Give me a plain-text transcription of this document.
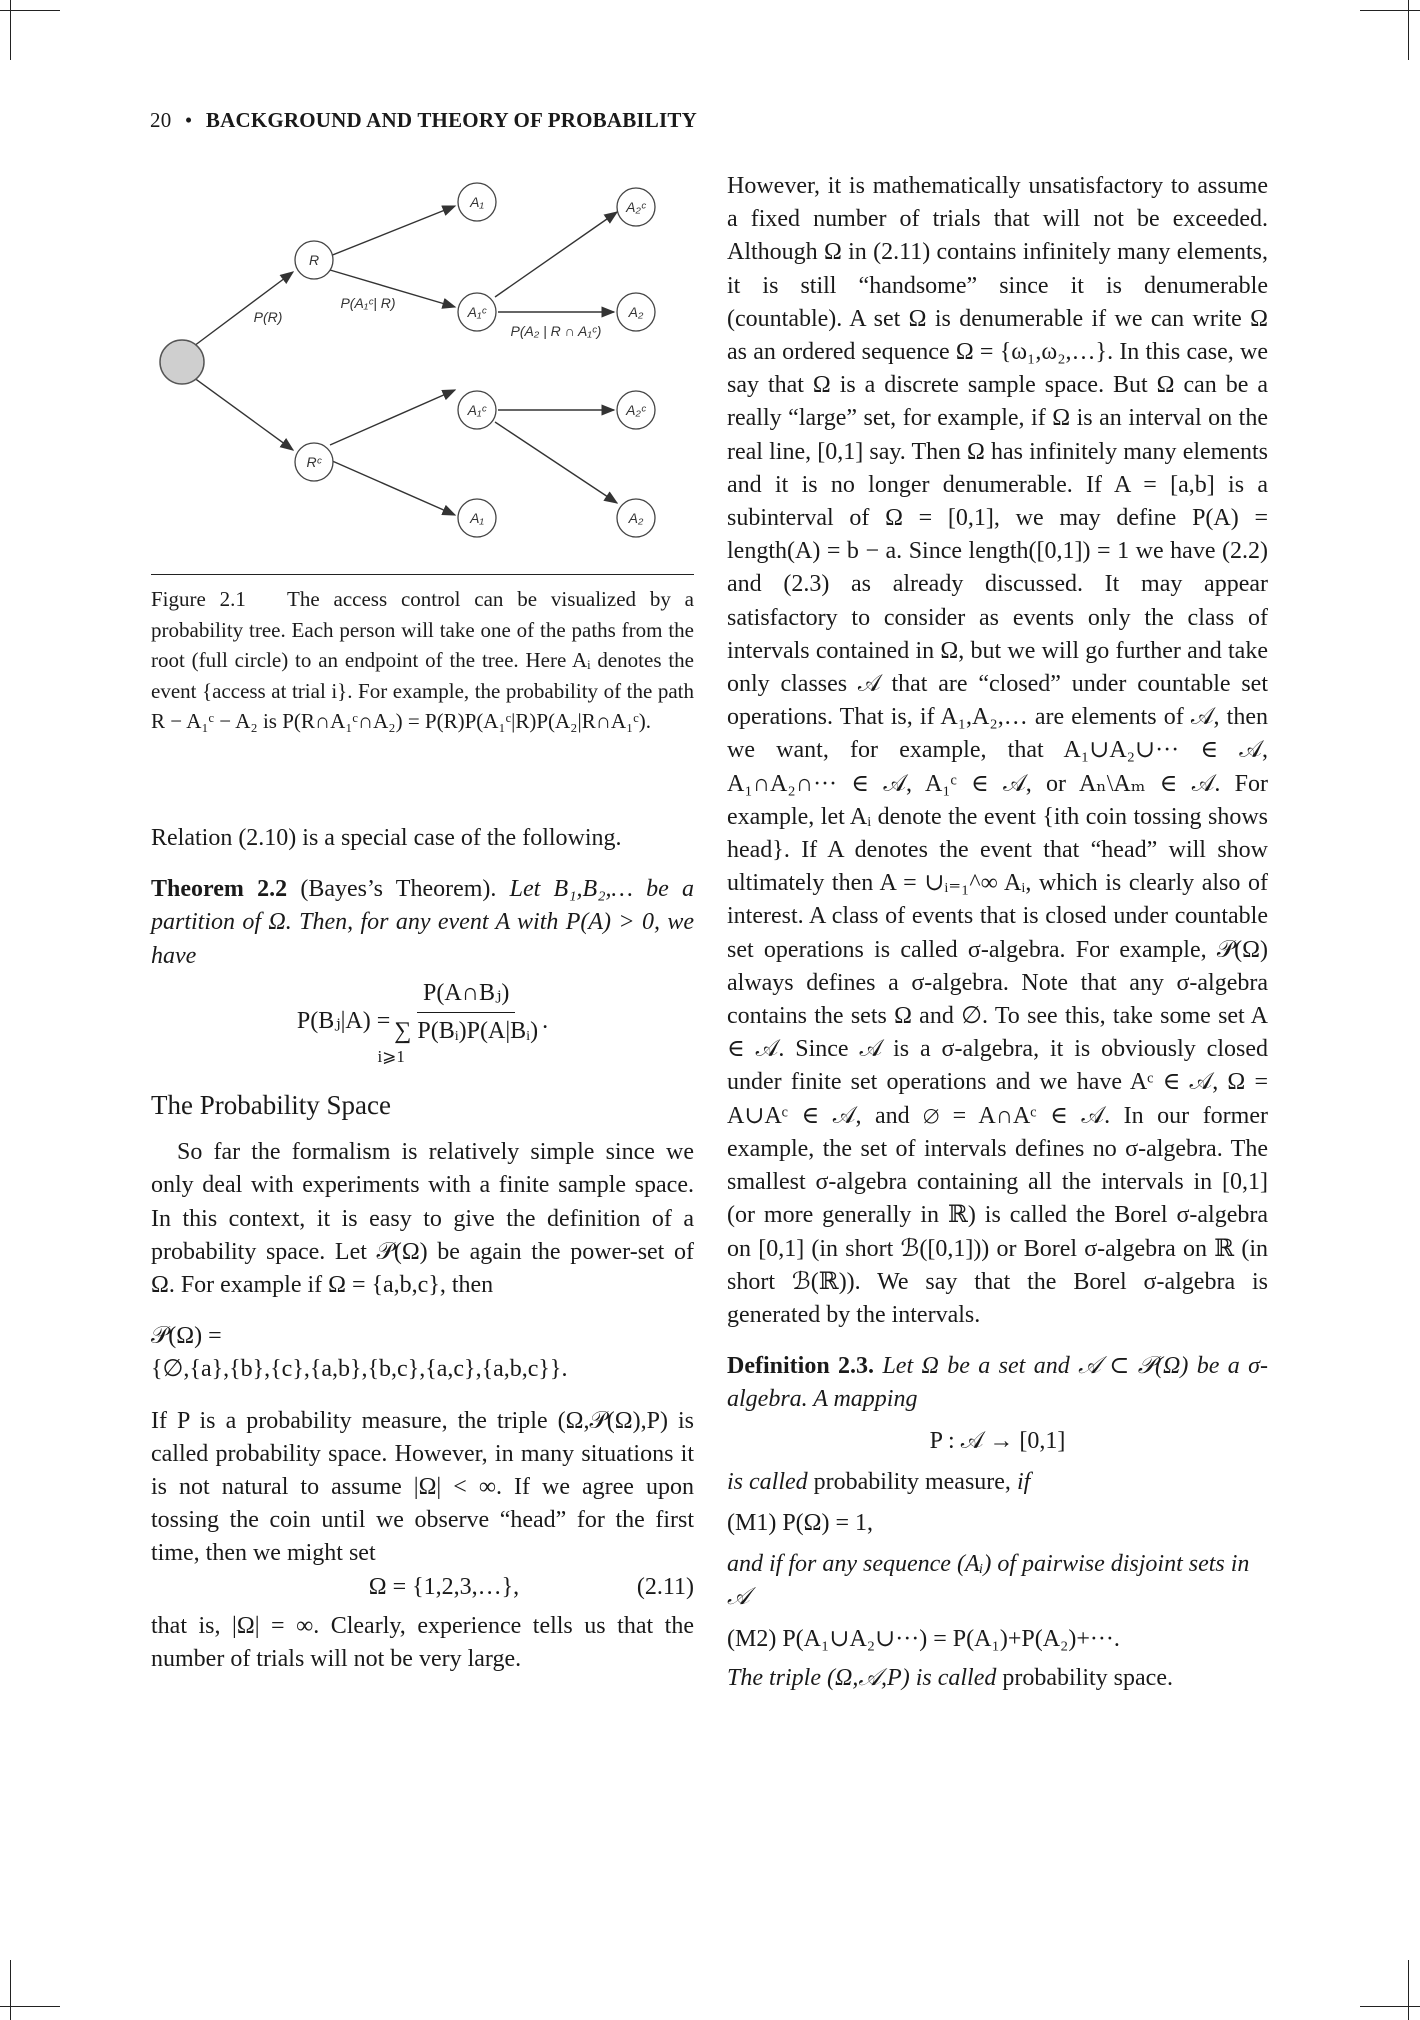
20 • BACKGROUND AND THEORY OF PROBABILITY
R
Rᶜ
A₁
A₁ᶜ
A₂ᶜ
A₂
A₁ᶜ	A₂ᶜ
A₁	A₂
P(R)
P(A₁ᶜ| R)
P(A₂ | R ∩ A₁ᶜ)

Figure 2.1 The access control can be visualized by a probability tree. Each person will take one of the paths from the root (full circle) to an endpoint of the tree. Here Aᵢ denotes the event {access at trial i}. For example, the probability of the path R − A₁ᶜ − A₂ is P(R∩A₁ᶜ∩A₂) = P(R)P(A₁ᶜ|R)P(A₂|R∩A₁ᶜ).

Relation (2.10) is a special case of the following.

Theorem 2.2 (Bayes’s Theorem). Let B₁,B₂,… be a partition of Ω. Then, for any event A with P(A) > 0, we have

P(Bⱼ|A) =
P(A∩Bⱼ)
∑ P(Bᵢ)P(A|Bᵢ)
i⩾1
.

The Probability Space

So far the formalism is relatively simple since we only deal with experiments with a finite sample space. In this context, it is easy to give the definition of a probability space. Let 𝒫(Ω) be again the power-set of Ω. For example if Ω = {a,b,c}, then

𝒫(Ω) =

{∅,{a},{b},{c},{a,b},{b,c},{a,c},{a,b,c}}.

If P is a probability measure, the triple (Ω,𝒫(Ω),P) is called probability space. However, in many situations it is not natural to assume |Ω| < ∞. If we agree upon tossing the coin until we observe “head” for the first time, then we might set

Ω = {1,2,3,…},	(2.11)

that is, |Ω| = ∞. Clearly, experience tells us that the number of trials will not be very large.

However, it is mathematically unsatisfactory to assume a fixed number of trials that will not be exceeded. Although Ω in (2.11) contains infinitely many elements, it is still “handsome” since it is denumerable (countable). A set Ω is denumerable if we can write Ω as an ordered sequence Ω = {ω₁,ω₂,…}. In this case, we say that Ω is a discrete sample space. But Ω can be a really “large” set, for example, if Ω is an interval on the real line, [0,1] say. Then Ω has infinitely many elements and it is no longer denumerable. If A = [a,b] is a subinterval of Ω = [0,1], we may define P(A) = length(A) = b − a. Since length([0,1]) = 1 we have (2.2) and (2.3) as already discussed. It may appear satisfactory to consider as events only the class of intervals contained in Ω, but we will go further and take only classes 𝒜 that are “closed” under countable set operations. That is, if A₁,A₂,… are elements of 𝒜, then we want, for example, that A₁∪A₂∪··· ∈ 𝒜, A₁∩A₂∩··· ∈ 𝒜, A₁ᶜ ∈ 𝒜, or Aₙ\Aₘ ∈ 𝒜. For example, let Aᵢ denote the event {ith coin tossing shows head}. If A denotes the event that “head” will show ultimately then A = ∪ᵢ₌₁^∞ Aᵢ, which is clearly also of interest. A class of events that is closed under countable set operations is called σ-algebra. For example, 𝒫(Ω) always defines a σ-algebra. Note that any σ-algebra contains the sets Ω and ∅. To see this, take some set A ∈ 𝒜. Since 𝒜 is a σ-algebra, it is obviously closed under finite set operations and we have Aᶜ ∈ 𝒜, Ω = A∪Aᶜ ∈ 𝒜, and ∅ = A∩Aᶜ ∈ 𝒜. In our former example, the set of intervals defines no σ-algebra. The smallest σ-algebra containing all the intervals in [0,1] (or more generally in ℝ) is called the Borel σ-algebra on [0,1] (in short ℬ([0,1])) or Borel σ-algebra on ℝ (in short ℬ(ℝ)). We say that the Borel σ-algebra is generated by the intervals.

Definition 2.3. Let Ω be a set and 𝒜 ⊂ 𝒫(Ω) be a σ-algebra. A mapping

P : 𝒜 → [0,1]

is called probability measure, if

(M1) P(Ω) = 1,

and if for any sequence (Aᵢ) of pairwise disjoint sets in 𝒜

(M2) P(A₁∪A₂∪···) = P(A₁)+P(A₂)+···.

The triple (Ω,𝒜,P) is called probability space.
